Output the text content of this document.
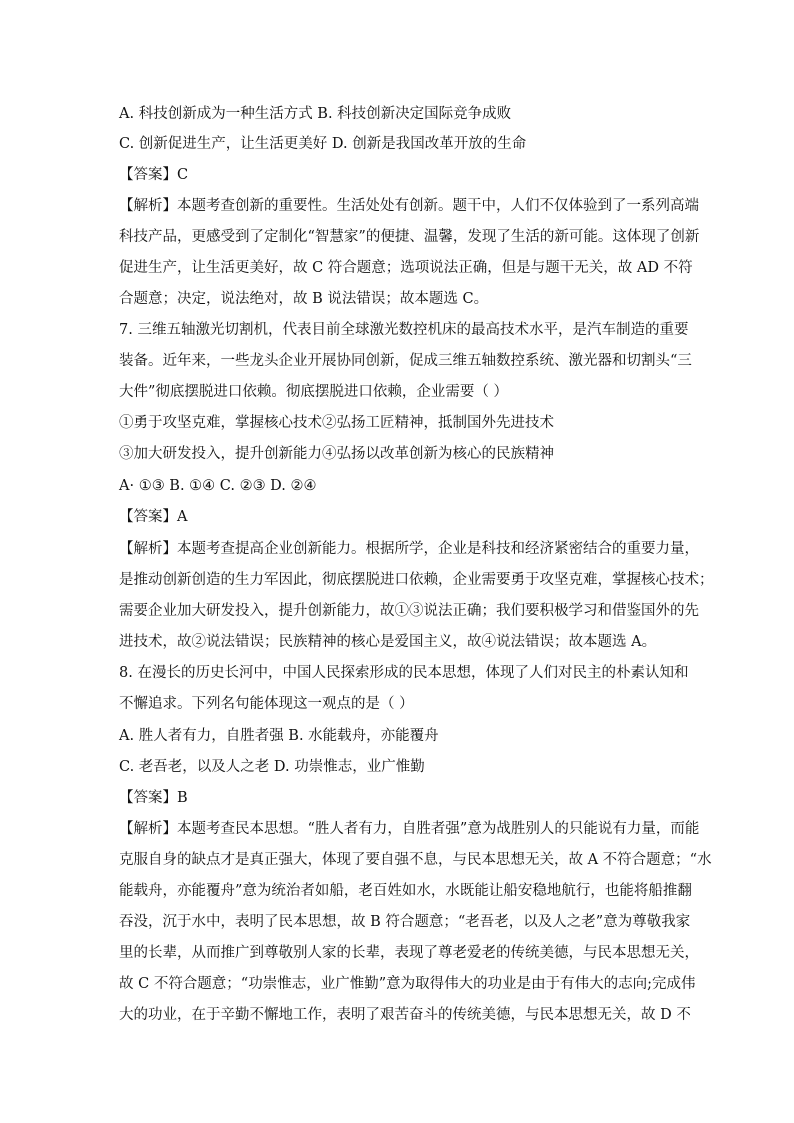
A. 科技创新成为一种生活方式 B. 科技创新决定国际竞争成败
C. 创新促进生产，让生活更美好 D. 创新是我国改革开放的生命
【答案】C
【解析】本题考查创新的重要性。生活处处有创新。题干中，人们不仅体验到了一系列高端
科技产品，更感受到了定制化“智慧家”的便捷、温馨，发现了生活的新可能。这体现了创新
促进生产，让生活更美好，故 C 符合题意；选项说法正确，但是与题干无关，故 AD 不符
合题意；决定，说法绝对，故 B 说法错误；故本题选 C。
7. 三维五轴激光切割机，代表目前全球激光数控机床的最高技术水平，是汽车制造的重要
装备。近年来，一些龙头企业开展协同创新，促成三维五轴数控系统、激光器和切割头“三
大件”彻底摆脱进口依赖。彻底摆脱进口依赖，企业需要（ ）
①勇于攻坚克难，掌握核心技术②弘扬工匠精神，抵制国外先进技术
③加大研发投入，提升创新能力④弘扬以改革创新为核心的民族精神
A· ①③ B. ①④ C. ②③ D. ②④
【答案】A
【解析】本题考查提高企业创新能力。根据所学，企业是科技和经济紧密结合的重要力量，
是推动创新创造的生力军因此，彻底摆脱进口依赖，企业需要勇于攻坚克难，掌握核心技术；
需要企业加大研发投入，提升创新能力，故①③说法正确；我们要积极学习和借鉴国外的先
进技术，故②说法错误；民族精神的核心是爱国主义，故④说法错误；故本题选 A。
8. 在漫长的历史长河中，中国人民探索形成的民本思想，体现了人们对民主的朴素认知和
不懈追求。下列名句能体现这一观点的是（ ）
A. 胜人者有力，自胜者强 B. 水能载舟，亦能覆舟
C. 老吾老，以及人之老 D. 功崇惟志，业广惟勤
【答案】B
【解析】本题考查民本思想。“胜人者有力，自胜者强”意为战胜别人的只能说有力量，而能
克服自身的缺点才是真正强大，体现了要自强不息，与民本思想无关，故 A 不符合题意；“水
能载舟，亦能覆舟”意为统治者如船，老百姓如水，水既能让船安稳地航行，也能将船推翻
吞没，沉于水中，表明了民本思想，故 B 符合题意；“老吾老，以及人之老”意为尊敬我家
里的长辈，从而推广到尊敬别人家的长辈，表现了尊老爱老的传统美德，与民本思想无关，
故 C 不符合题意；“功崇惟志，业广惟勤”意为取得伟大的功业是由于有伟大的志向;完成伟
大的功业，在于辛勤不懈地工作，表明了艰苦奋斗的传统美德，与民本思想无关，故 D 不
